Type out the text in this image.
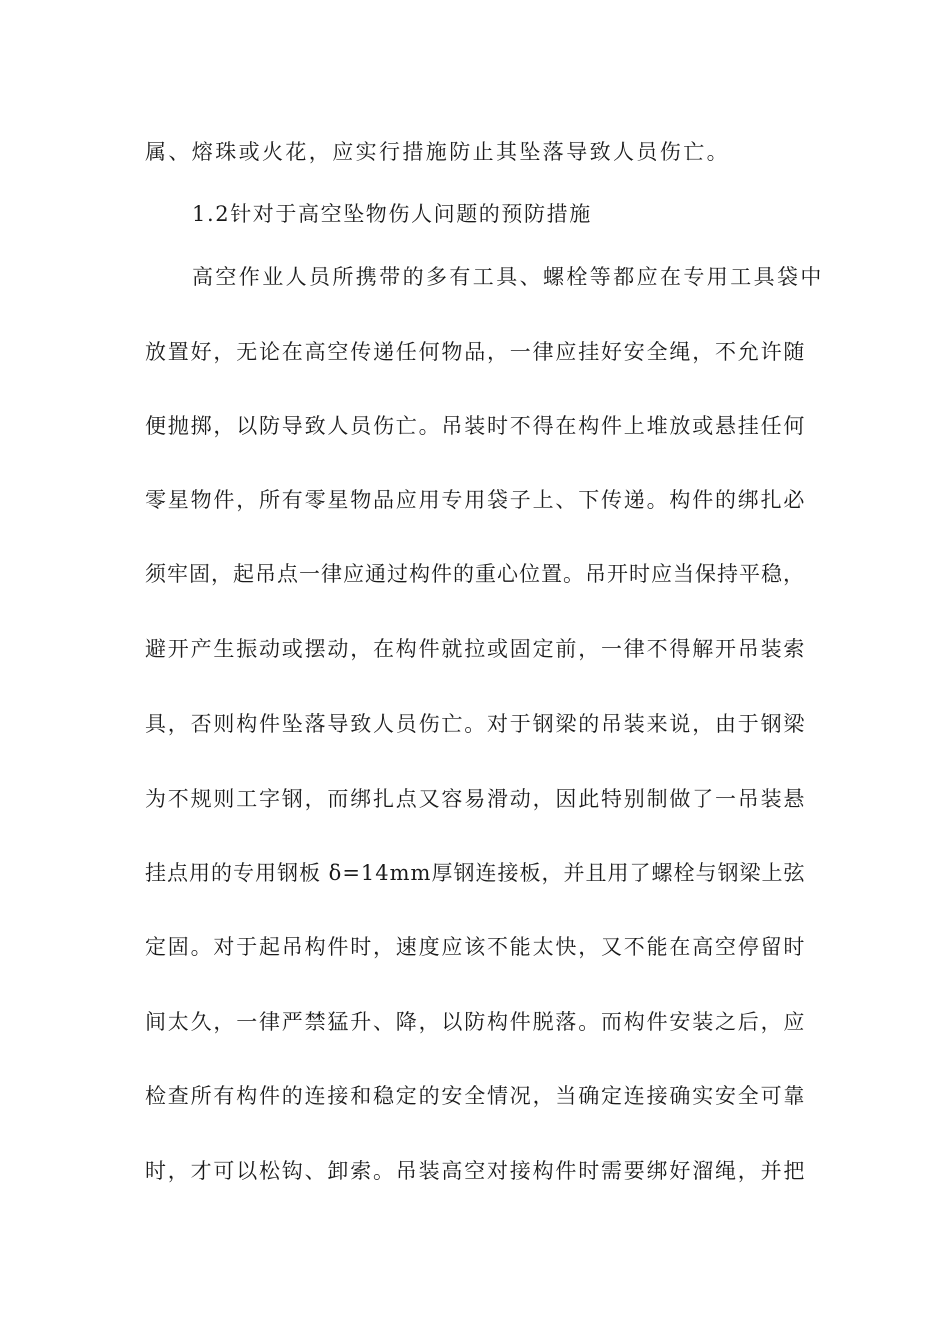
属、熔珠或火花，应实行措施防止其坠落导致人员伤亡。
1.2针对于高空坠物伤人问题的预防措施
高空作业人员所携带的多有工具、螺栓等都应在专用工具袋中
放置好，无论在高空传递任何物品，一律应挂好安全绳，不允许随
便抛掷，以防导致人员伤亡。吊装时不得在构件上堆放或悬挂任何
零星物件，所有零星物品应用专用袋子上、下传递。构件的绑扎必
须牢固，起吊点一律应通过构件的重心位置。吊开时应当保持平稳，
避开产生振动或摆动，在构件就拉或固定前，一律不得解开吊装索
具，否则构件坠落导致人员伤亡。对于钢梁的吊装来说，由于钢梁
为不规则工字钢，而绑扎点又容易滑动，因此特别制做了一吊装悬
挂点用的专用钢板 δ=14mm厚钢连接板，并且用了螺栓与钢梁上弦
定固。对于起吊构件时，速度应该不能太快，又不能在高空停留时
间太久，一律严禁猛升、降，以防构件脱落。而构件安装之后，应
检查所有构件的连接和稳定的安全情况，当确定连接确实安全可靠
时，才可以松钩、卸索。吊装高空对接构件时需要绑好溜绳，并把
